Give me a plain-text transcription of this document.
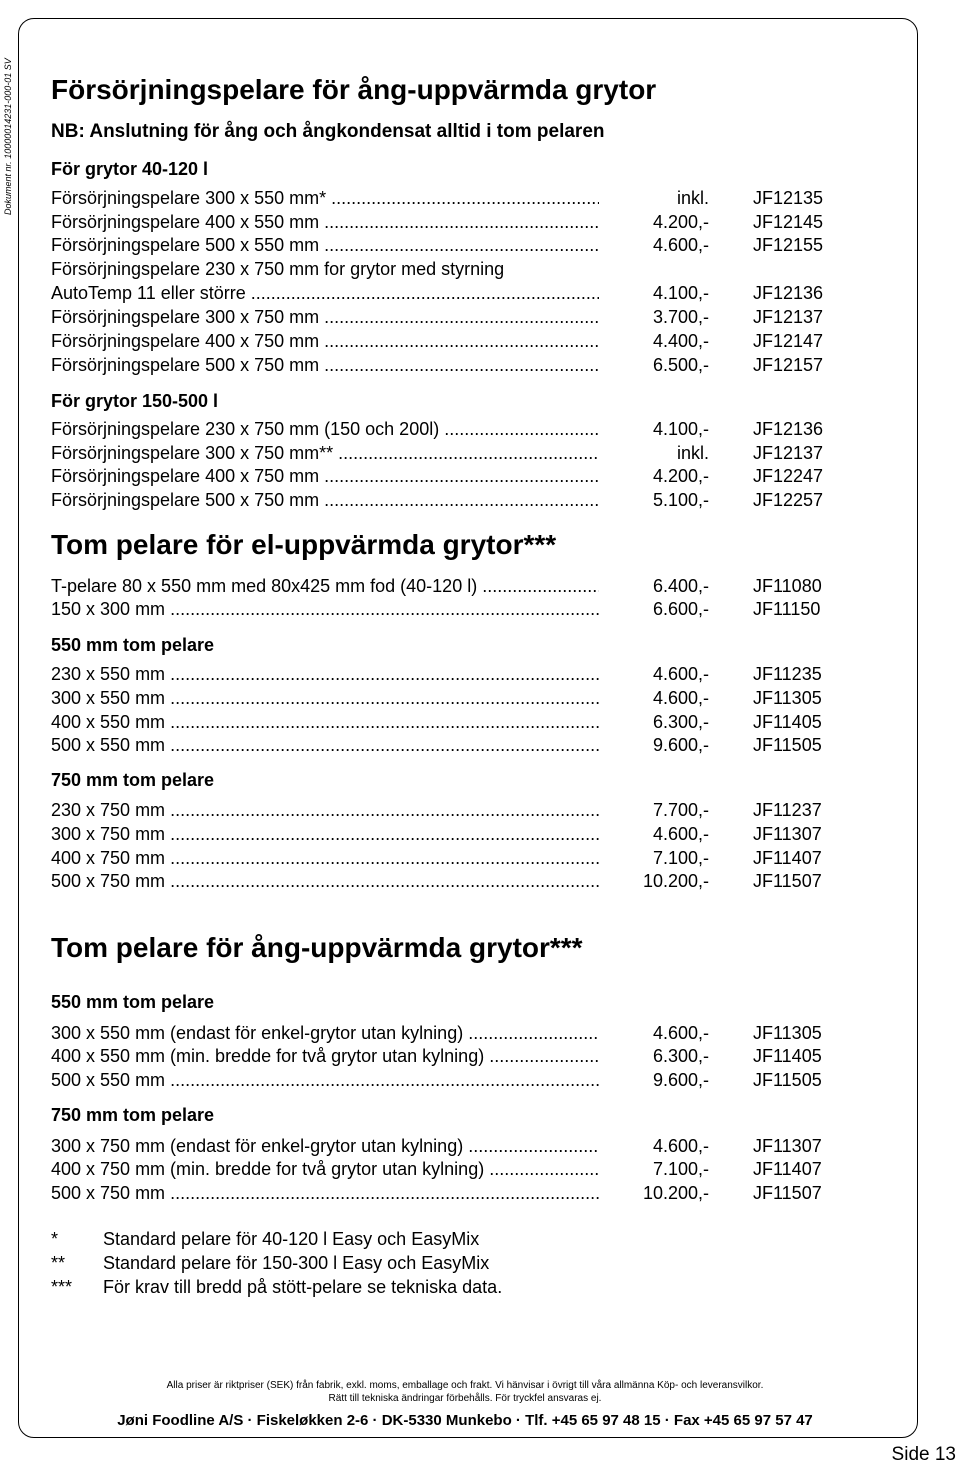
Dokument nr. 10000014231-000-01 SV Försörjningspelare för ång-uppvärmda grytor
NB: Anslutning för ång och ångkondensat alltid i tom pelaren
För grytor 40-120 l
Försörjningspelare 300 x 550 mm* .....	inkl. JF12135
Försörjningspelare 400 x 550 mm .....	4.200,- JF12145
Försörjningspelare 500 x 550 mm .....	4.600,- JF12155
Försörjningspelare 230 x 750 mm for grytor med styrning
AutoTemp 11 eller större .....	4.100,- JF12136
Försörjningspelare 300 x 750 mm .....	3.700,- JF12137
Försörjningspelare 400 x 750 mm .....	4.400,- JF12147
Försörjningspelare 500 x 750 mm .....	6.500,- JF12157
För grytor 150-500 l
Försörjningspelare 230 x 750 mm (150 och 200l) .....	4.100,- JF12136
Försörjningspelare 300 x 750 mm** .....	inkl. JF12137
Försörjningspelare 400 x 750 mm .....	4.200,- JF12247
Försörjningspelare 500 x 750 mm .....	5.100,- JF12257
Tom pelare för el-uppvärmda grytor***
T-pelare 80 x 550 mm med 80x425 mm fod (40-120 l) .....	6.400,- JF11080
150 x 300 mm .....	6.600,- JF11150
550 mm tom pelare
230 x 550 mm .....	4.600,- JF11235
300 x 550 mm .....	4.600,- JF11305
400 x 550 mm .....	6.300,- JF11405
500 x 550 mm .....	9.600,- JF11505
750 mm tom pelare
230 x 750 mm .....	7.700,- JF11237
300 x 750 mm .....	4.600,- JF11307
400 x 750 mm .....	7.100,- JF11407
500 x 750 mm .....	10.200,- JF11507
Tom pelare för ång-uppvärmda grytor***
550 mm tom pelare
300 x 550 mm (endast för enkel-grytor utan kylning) .....	4.600,- JF11305
400 x 550 mm (min. bredde for två grytor utan kylning) .....	6.300,- JF11405
500 x 550 mm .....	9.600,- JF11505
750 mm tom pelare
300 x 750 mm (endast för enkel-grytor utan kylning) .....	4.600,- JF11307
400 x 750 mm (min. bredde for två grytor utan kylning) .....	7.100,- JF11407
500 x 750 mm .....	10.200,- JF11507
* Standard pelare för 40-120 l Easy och EasyMix
** Standard pelare för 150-300 l Easy och EasyMix
*** För krav till bredd på stött-pelare se tekniska data.
Alla priser är riktpriser (SEK) från fabrik, exkl. moms, emballage och frakt. Vi hänvisar i övrigt till våra allmänna Köp- och leveransvilkor.
Rätt till tekniska ändringar förbehålls. För tryckfel ansvaras ej.
Jøni Foodline A/S · Fiskeløkken 2-6 · DK-5330 Munkebo · Tlf. +45 65 97 48 15 · Fax +45 65 97 57 47
Side 13
